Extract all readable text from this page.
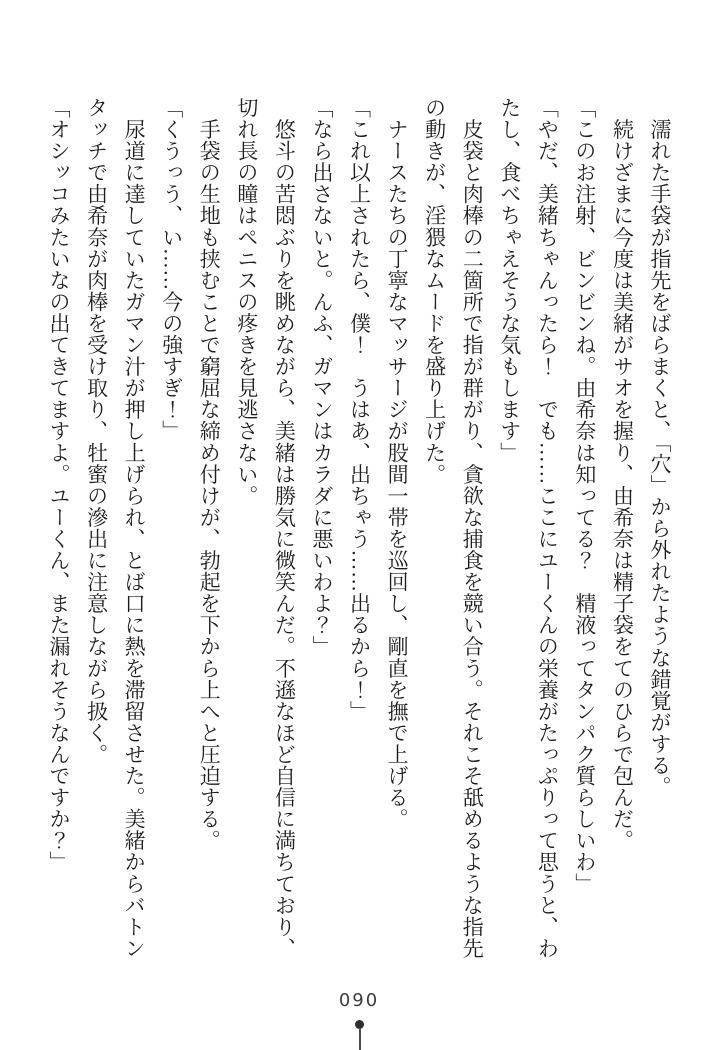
　濡れた手袋が指先をばらまくと、「穴」から外れたような錯覚がする。
　続けざまに今度は美緒がサオを握り、由希奈は精子袋をてのひらで包んだ。
「このお注射、ビンビンね。由希奈は知ってる？　精液ってタンパク質らしいわ」
「やだ、美緒ちゃんったら！　でも……ここにユーくんの栄養がたっぷりって思うと、わ
たし、食べちゃえそうな気もします」
　皮袋と肉棒の二箇所で指が群がり、貪欲な捕食を競い合う。それこそ舐めるような指先
の動きが、淫猥なムードを盛り上げた。
　ナースたちの丁寧なマッサージが股間一帯を巡回し、剛直を撫で上げる。
「これ以上されたら、僕！　うはあ、出ちゃう……出るから！」
「なら出さないと。んふ、ガマンはカラダに悪いわよ？」
　悠斗の苦悶ぶりを眺めながら、美緒は勝気に微笑んだ。不遜なほど自信に満ちており、
切れ長の瞳はペニスの疼きを見逃さない。
　手袋の生地も挟むことで窮屈な締め付けが、勃起を下から上へと圧迫する。
「くうっう、い……今の強すぎ！」
　尿道に達していたガマン汁が押し上げられ、とば口に熱を滞留させた。美緒からバトン
タッチで由希奈が肉棒を受け取り、牡蜜の滲出に注意しながら扱く。
「オシッコみたいなの出てきてますよ。ユーくん、また漏れそうなんですか？」
090
